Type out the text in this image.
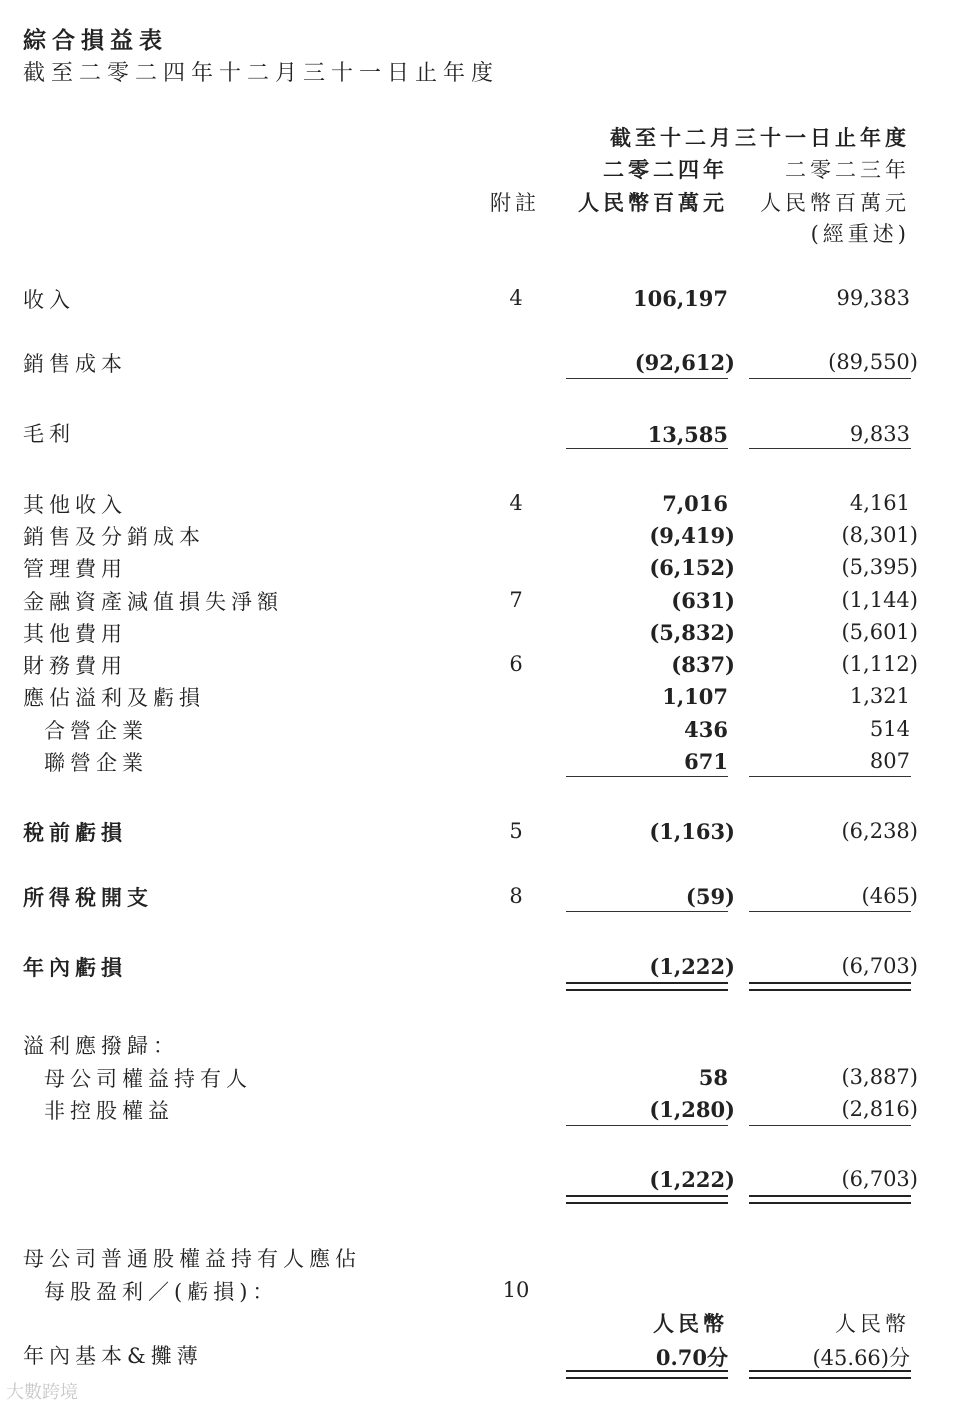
綜合損益表
截至二零二四年十二月三十一日止年度
截至十二月三十一日止年度
二零二四年	二零二三年
附註 人民幣百萬元 人民幣百萬元
(經重述)
收入	4	106,197	99,383
銷售成本	(92,612)	(89,550)
毛利	13,585	9,833
其他收入	4	7,016	4,161
銷售及分銷成本	(9,419)	(8,301)
管理費用	(6,152)	(5,395)
金融資產減值損失淨額	7	(631)	(1,144)
其他費用	(5,832)	(5,601)
財務費用	6	(837)	(1,112)
應佔溢利及虧損	1,107	1,321
合營企業	436	514
聯營企業	671	807
稅前虧損	5	(1,163)	(6,238)
所得稅開支	8	(59)	(465)
年內虧損	(1,222)	(6,703)
溢利應撥歸：
母公司權益持有人	58	(3,887)
非控股權益	(1,280)	(2,816)
(1,222)	(6,703)
母公司普通股權益持有人應佔
每股盈利／(虧損)：	10
人民幣	人民幣
年內基本&攤薄	0.70分	(45.66)分
大數跨境
